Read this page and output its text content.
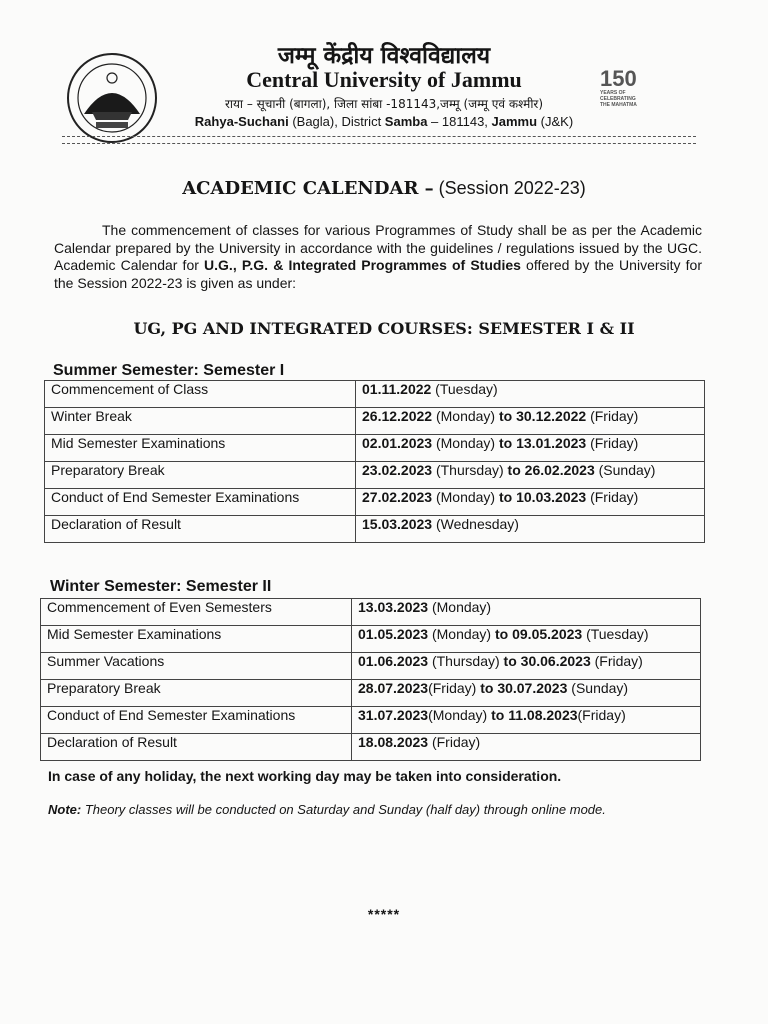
150
YEARS OF
CELEBRATING
THE MAHATMA
जम्मू केंद्रीय विश्वविद्यालय
Central University of Jammu
राया – सूचानी (बागला), जिला सांबा -181143,जम्मू (जम्मू एवं कश्मीर)
Rahya-Suchani (Bagla), District Samba – 181143, Jammu (J&K)
ACADEMIC CALENDAR – (Session 2022-23)
The commencement of classes for various Programmes of Study shall be as per the Academic Calendar prepared by the University in accordance with the guidelines / regulations issued by the UGC. Academic Calendar for U.G., P.G. & Integrated Programmes of Studies offered by the University for the Session 2022-23 is given as under:
UG, PG AND INTEGRATED COURSES: SEMESTER I & II
Summer Semester: Semester I
Commencement of Class	01.11.2022 (Tuesday)
Winter Break	26.12.2022 (Monday) to 30.12.2022 (Friday)
Mid Semester Examinations	02.01.2023 (Monday) to 13.01.2023 (Friday)
Preparatory Break	23.02.2023 (Thursday) to 26.02.2023 (Sunday)
Conduct of End Semester Examinations	27.02.2023 (Monday) to 10.03.2023 (Friday)
Declaration of Result	15.03.2023 (Wednesday)
Winter Semester: Semester II
Commencement of Even Semesters	13.03.2023 (Monday)
Mid Semester Examinations	01.05.2023 (Monday) to 09.05.2023 (Tuesday)
Summer Vacations	01.06.2023 (Thursday) to 30.06.2023 (Friday)
Preparatory Break	28.07.2023(Friday) to 30.07.2023 (Sunday)
Conduct of End Semester Examinations	31.07.2023(Monday) to 11.08.2023(Friday)
Declaration of Result	18.08.2023 (Friday)
In case of any holiday, the next working day may be taken into consideration.
Note: Theory classes will be conducted on Saturday and Sunday (half day) through online mode.
*****
